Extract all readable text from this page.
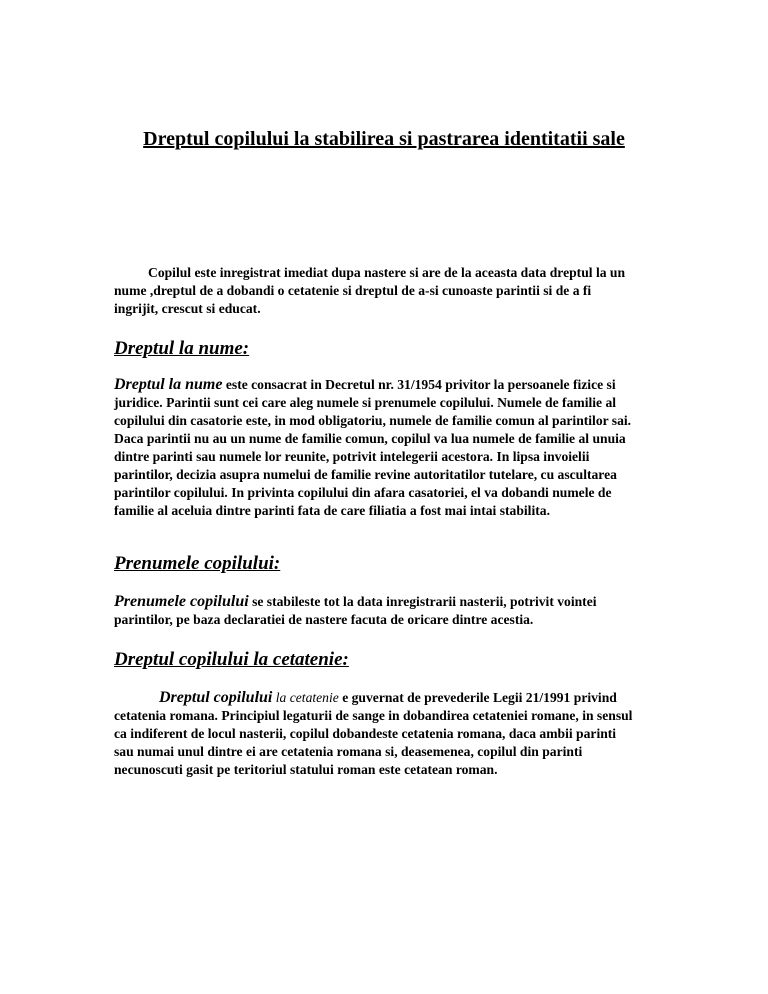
Dreptul copilului la stabilirea si pastrarea identitatii sale
Copilul este inregistrat imediat dupa nastere si are de la aceasta data dreptul la un nume ,dreptul de a dobandi o cetatenie si dreptul de a-si cunoaste parintii si de a fi ingrijit, crescut si educat.
Dreptul la nume:
Dreptul la nume este consacrat in Decretul nr. 31/1954 privitor la persoanele fizice si juridice. Parintii sunt cei care aleg numele si prenumele copilului. Numele de familie al copilului din casatorie este, in mod obligatoriu, numele de familie comun al parintilor sai. Daca parintii nu au un nume de familie comun, copilul va lua numele de familie al unuia dintre parinti sau numele lor reunite, potrivit intelegerii acestora. In lipsa invoielii parintilor, decizia asupra numelui de familie revine autoritatilor tutelare, cu ascultarea parintilor copilului. In privinta copilului din afara casatoriei, el va dobandi numele de familie al aceluia dintre parinti fata de care filiatia a fost mai intai stabilita.
Prenumele copilului:
Prenumele copilului se stabileste tot la data inregistrarii nasterii, potrivit vointei parintilor, pe baza declaratiei de nastere facuta de oricare dintre acestia.
Dreptul copilului la cetatenie:
Dreptul copilului la cetatenie e guvernat de prevederile Legii 21/1991 privind cetatenia romana. Principiul legaturii de sange in dobandirea cetateniei romane, in sensul ca indiferent de locul nasterii, copilul dobandeste cetatenia romana, daca ambii parinti sau numai unul dintre ei are cetatenia romana si, deasemenea, copilul din parinti necunoscuti gasit pe teritoriul statului roman este cetatean roman.
